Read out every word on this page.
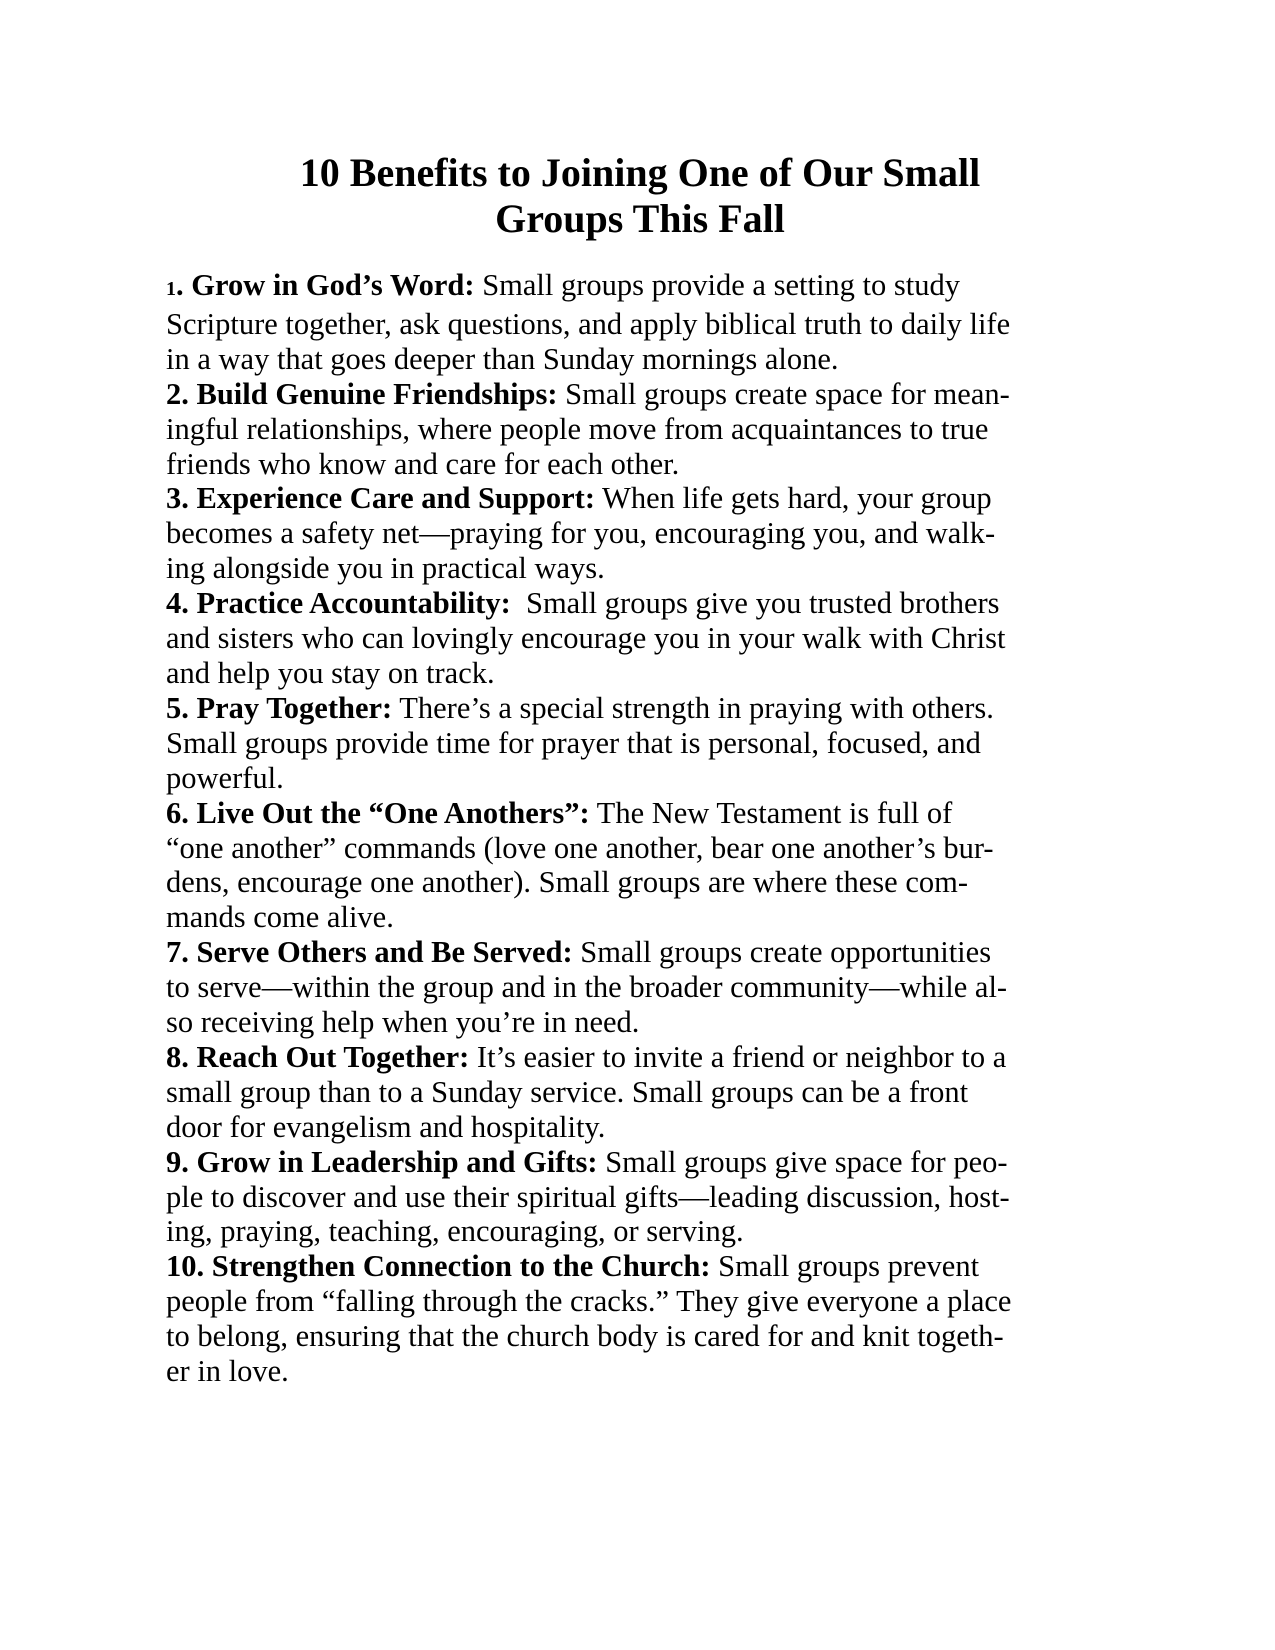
10 Benefits to Joining One of Our Small
Groups This Fall
1. Grow in God’s Word: Small groups provide a setting to study
Scripture together, ask questions, and apply biblical truth to daily life
in a way that goes deeper than Sunday mornings alone.
2. Build Genuine Friendships: Small groups create space for mean-
ingful relationships, where people move from acquaintances to true
friends who know and care for each other.
3. Experience Care and Support: When life gets hard, your group
becomes a safety net—praying for you, encouraging you, and walk-
ing alongside you in practical ways.
4. Practice Accountability:  Small groups give you trusted brothers
and sisters who can lovingly encourage you in your walk with Christ
and help you stay on track.
5. Pray Together: There’s a special strength in praying with others.
Small groups provide time for prayer that is personal, focused, and
powerful.
6. Live Out the “One Anothers”: The New Testament is full of
“one another” commands (love one another, bear one another’s bur-
dens, encourage one another). Small groups are where these com-
mands come alive.
7. Serve Others and Be Served: Small groups create opportunities
to serve—within the group and in the broader community—while al-
so receiving help when you’re in need.
8. Reach Out Together: It’s easier to invite a friend or neighbor to a
small group than to a Sunday service. Small groups can be a front
door for evangelism and hospitality.
9. Grow in Leadership and Gifts: Small groups give space for peo-
ple to discover and use their spiritual gifts—leading discussion, host-
ing, praying, teaching, encouraging, or serving.
10. Strengthen Connection to the Church: Small groups prevent
people from “falling through the cracks.” They give everyone a place
to belong, ensuring that the church body is cared for and knit togeth-
er in love.
